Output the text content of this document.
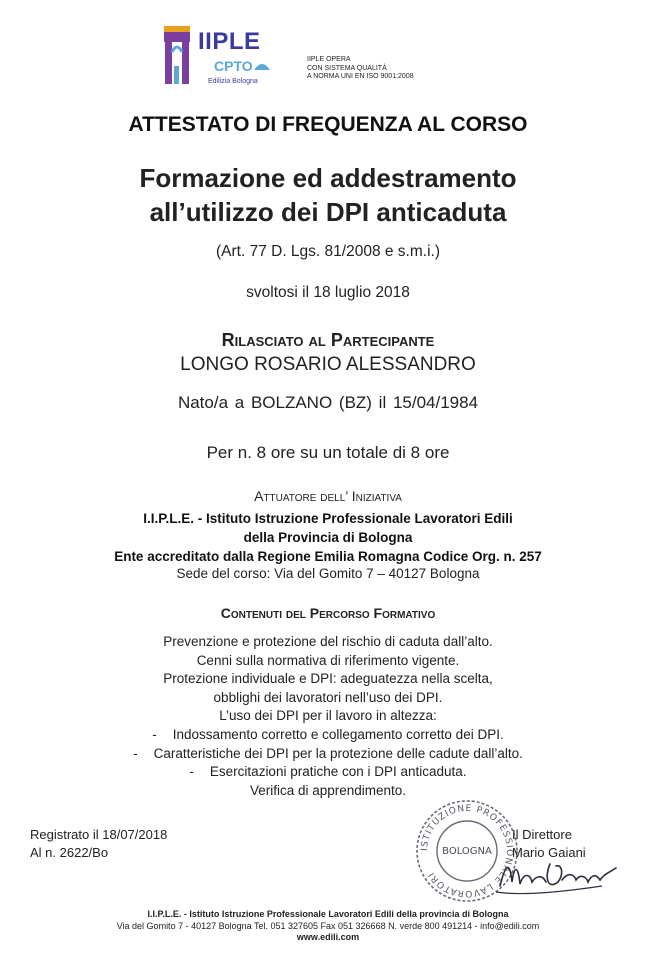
IIPLE
CPTO
Edilizia Bologna
IIPLE OPERA
CON SISTEMA QUALITÀ
A NORMA UNI EN ISO 9001:2008
ATTESTATO DI FREQUENZA AL CORSO
Formazione ed addestramento
all’utilizzo dei DPI anticaduta
(Art. 77 D. Lgs. 81/2008 e s.m.i.)
svoltosi il 18 luglio 2018
Rilasciato al Partecipante
LONGO ROSARIO ALESSANDRO
Nato/a a BOLZANO (BZ) il 15/04/1984
Per n. 8 ore su un totale di 8 ore
Attuatore dell’ Iniziativa
I.I.P.L.E. - Istituto Istruzione Professionale Lavoratori Edili
della Provincia di Bologna
Ente accreditato dalla Regione Emilia Romagna Codice Org. n. 257
Sede del corso: Via del Gomito 7 – 40127 Bologna
Contenuti del Percorso Formativo
Prevenzione e protezione del rischio di caduta dall’alto.
Cenni sulla normativa di riferimento vigente.
Protezione individuale e DPI: adeguatezza nella scelta,
obblighi dei lavoratori nell’uso dei DPI.
L’uso dei DPI per il lavoro in altezza:
- Indossamento corretto e collegamento corretto dei DPI.
- Caratteristiche dei DPI per la protezione delle cadute dall’alto.
- Esercitazioni pratiche con i DPI anticaduta.
Verifica di apprendimento.
Registrato il 18/07/2018
Al n. 2622/Bo	ISTITUZIONE PROFESSIONALE LAVORATORI
BOLOGNA
Il Direttore
Mario Gaiani
I.I.P.L.E. - Istituto Istruzione Professionale Lavoratori Edili della provincia di Bologna
Via del Gomito 7 - 40127 Bologna Tel. 051 327605 Fax 051 326668 N. verde 800 491214 - info@edili.com
www.edili.com
